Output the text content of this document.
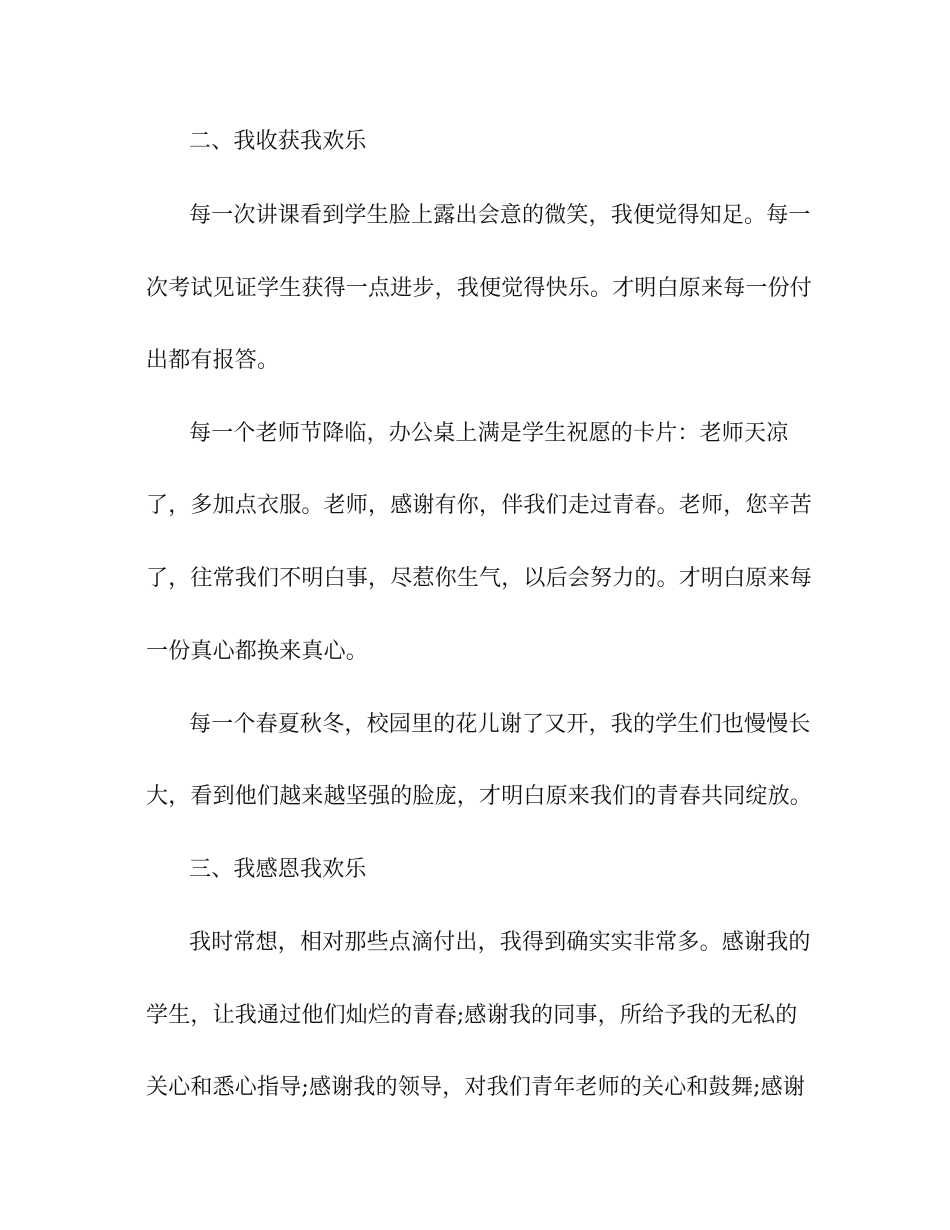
二、我收获我欢乐
每一次讲课看到学生脸上露出会意的微笑，我便觉得知足。每一
次考试见证学生获得一点进步，我便觉得快乐。才明白原来每一份付
出都有报答。
每一个老师节降临，办公桌上满是学生祝愿的卡片：老师天凉
了，多加点衣服。老师，感谢有你，伴我们走过青春。老师，您辛苦
了，往常我们不明白事，尽惹你生气，以后会努力的。才明白原来每
一份真心都换来真心。
每一个春夏秋冬，校园里的花儿谢了又开，我的学生们也慢慢长
大，看到他们越来越坚强的脸庞，才明白原来我们的青春共同绽放。
三、我感恩我欢乐
我时常想，相对那些点滴付出，我得到确实实非常多。感谢我的
学生，让我通过他们灿烂的青春;感谢我的同事，所给予我的无私的
关心和悉心指导;感谢我的领导，对我们青年老师的关心和鼓舞;感谢
